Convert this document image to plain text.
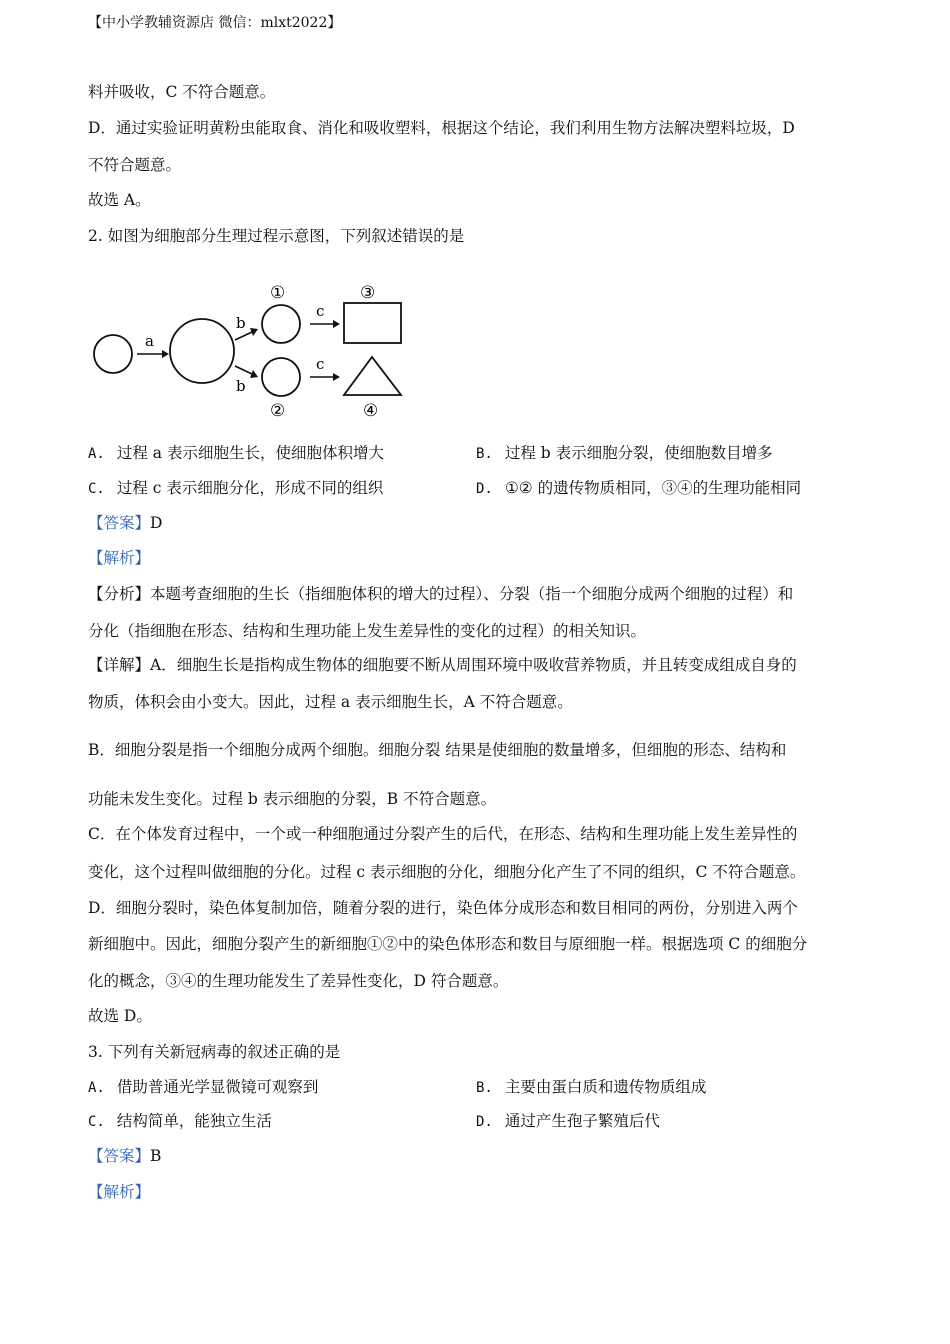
【中小学教辅资源店 微信：mlxt2022】
料并吸收，C 不符合题意。
D．通过实验证明黄粉虫能取食、消化和吸收塑料，根据这个结论，我们利用生物方法解决塑料垃圾，D
不符合题意。
故选 A。
2. 如图为细胞部分生理过程示意图，下列叙述错误的是
a
b
b
①
②
c
c
③
④
A. 过程 a 表示细胞生长，使细胞体积增大	B. 过程 b 表示细胞分裂，使细胞数目增多
C. 过程 c 表示细胞分化，形成不同的组织	D. ①② 的遗传物质相同，③④的生理功能相同
【答案】D
【解析】
【分析】本题考查细胞的生长（指细胞体积的增大的过程）、分裂（指一个细胞分成两个细胞的过程）和
分化（指细胞在形态、结构和生理功能上发生差异性的变化的过程）的相关知识。
【详解】A．细胞生长是指构成生物体的细胞要不断从周围环境中吸收营养物质，并且转变成组成自身的
物质，体积会由小变大。因此，过程 a 表示细胞生长，A 不符合题意。
B．细胞分裂是指一个细胞分成两个细胞。细胞分裂 结果是使细胞的数量增多，但细胞的形态、结构和
功能未发生变化。过程 b 表示细胞的分裂，B 不符合题意。
C．在个体发育过程中，一个或一种细胞通过分裂产生的后代，在形态、结构和生理功能上发生差异性的
变化，这个过程叫做细胞的分化。过程 c 表示细胞的分化，细胞分化产生了不同的组织，C 不符合题意。
D．细胞分裂时，染色体复制加倍，随着分裂的进行，染色体分成形态和数目相同的两份，分别进入两个
新细胞中。因此，细胞分裂产生的新细胞①②中的染色体形态和数目与原细胞一样。根据选项 C 的细胞分
化的概念，③④的生理功能发生了差异性变化，D 符合题意。
故选 D。
3. 下列有关新冠病毒的叙述正确的是
A. 借助普通光学显微镜可观察到	B. 主要由蛋白质和遗传物质组成
C. 结构简单，能独立生活	D. 通过产生孢子繁殖后代
【答案】B
【解析】
